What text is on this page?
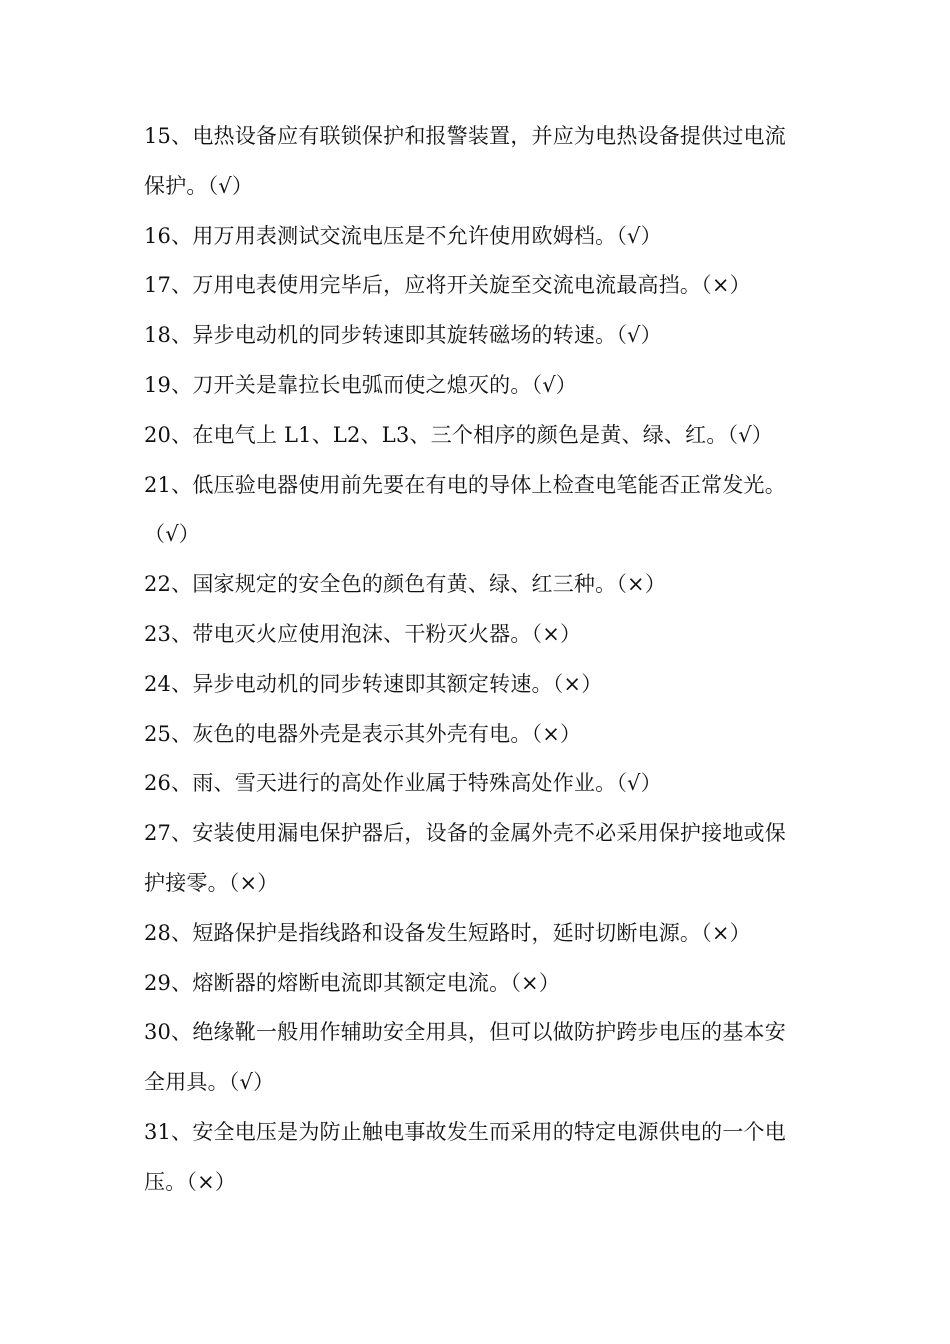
15、电热设备应有联锁保护和报警装置，并应为电热设备提供过电流
保护。（√）
16、用万用表测试交流电压是不允许使用欧姆档。（√）
17、万用电表使用完毕后，应将开关旋至交流电流最高挡。（×）
18、异步电动机的同步转速即其旋转磁场的转速。（√）
19、刀开关是靠拉长电弧而使之熄灭的。（√）
20、在电气上 L1、L2、L3、三个相序的颜色是黄、绿、红。（√）
21、低压验电器使用前先要在有电的导体上检查电笔能否正常发光。
（√）
22、国家规定的安全色的颜色有黄、绿、红三种。（×）
23、带电灭火应使用泡沫、干粉灭火器。（×）
24、异步电动机的同步转速即其额定转速。（×）
25、灰色的电器外壳是表示其外壳有电。（×）
26、雨、雪天进行的高处作业属于特殊高处作业。（√）
27、安装使用漏电保护器后，设备的金属外壳不必采用保护接地或保
护接零。（×）
28、短路保护是指线路和设备发生短路时，延时切断电源。（×）
29、熔断器的熔断电流即其额定电流。（×）
30、绝缘靴一般用作辅助安全用具，但可以做防护跨步电压的基本安
全用具。（√）
31、安全电压是为防止触电事故发生而采用的特定电源供电的一个电
压。（×）
